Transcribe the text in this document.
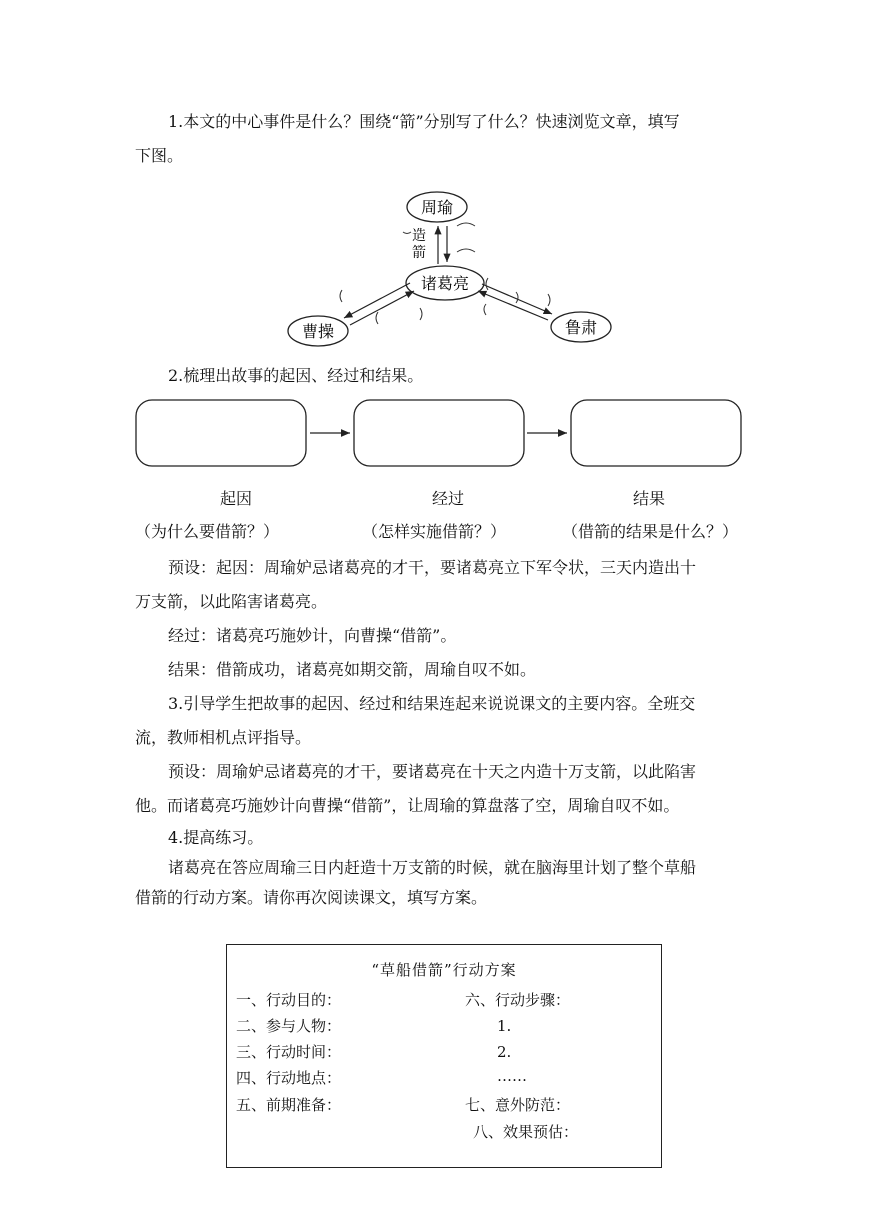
1.本文的中心事件是什么？围绕“箭”分别写了什么？快速浏览文章，填写
下图。
周瑜
诸葛亮
曹操	鲁肃
造
箭
2.梳理出故事的起因、经过和结果。
起因	经过	结果
（为什么要借箭？）	（怎样实施借箭？）	（借箭的结果是什么？）
预设：起因：周瑜妒忌诸葛亮的才干，要诸葛亮立下军令状，三天内造出十
万支箭，以此陷害诸葛亮。
经过：诸葛亮巧施妙计，向曹操“借箭”。
结果：借箭成功，诸葛亮如期交箭，周瑜自叹不如。
3.引导学生把故事的起因、经过和结果连起来说说课文的主要内容。全班交
流，教师相机点评指导。
预设：周瑜妒忌诸葛亮的才干，要诸葛亮在十天之内造十万支箭，以此陷害
他。而诸葛亮巧施妙计向曹操“借箭”，让周瑜的算盘落了空，周瑜自叹不如。
4.提高练习。
诸葛亮在答应周瑜三日内赶造十万支箭的时候，就在脑海里计划了整个草船
借箭的行动方案。请你再次阅读课文，填写方案。
“草船借箭”行动方案
一、行动目的：
二、参与人物：
三、行动时间：
四、行动地点：
五、前期准备：
六、行动步骤：
1.
2.
……
七、意外防范：
八、效果预估：
